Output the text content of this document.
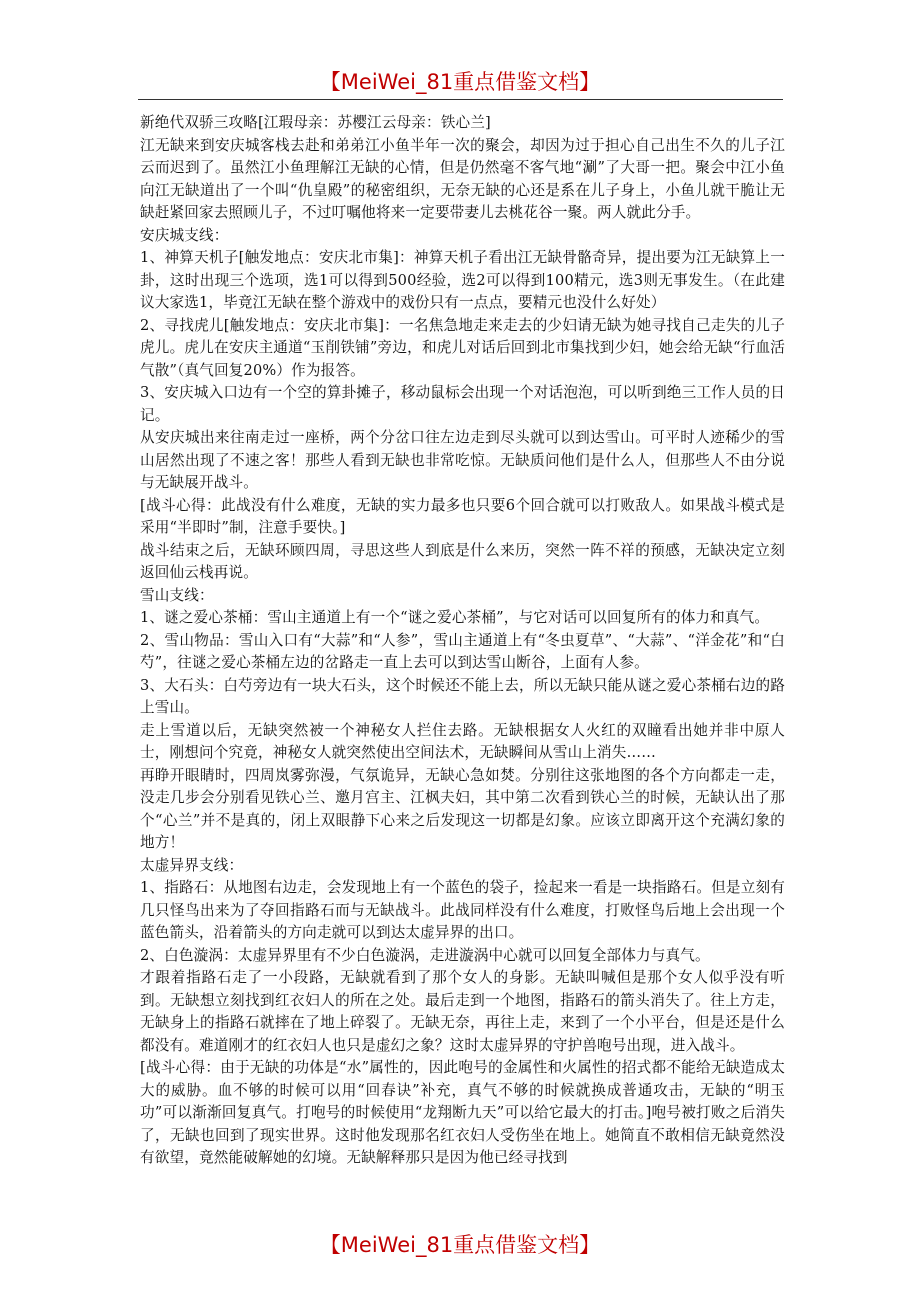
【MeiWei_81重点借鉴文档】

新绝代双骄三攻略[江瑕母亲：苏樱江云母亲：铁心兰]

江无缺来到安庆城客栈去赴和弟弟江小鱼半年一次的聚会，却因为过于担心自己出生不久的儿子江云而迟到了。虽然江小鱼理解江无缺的心情，但是仍然毫不客气地“涮”了大哥一把。聚会中江小鱼向江无缺道出了一个叫“仇皇殿”的秘密组织，无奈无缺的心还是系在儿子身上，小鱼儿就干脆让无缺赶紧回家去照顾儿子，不过叮嘱他将来一定要带妻儿去桃花谷一聚。两人就此分手。

安庆城支线：

1、神算天机子[触发地点：安庆北市集]：神算天机子看出江无缺骨骼奇异，提出要为江无缺算上一卦，这时出现三个选项，选1可以得到500经验，选2可以得到100精元，选3则无事发生。（在此建议大家选1，毕竟江无缺在整个游戏中的戏份只有一点点，要精元也没什么好处）

2、寻找虎儿[触发地点：安庆北市集]：一名焦急地走来走去的少妇请无缺为她寻找自己走失的儿子虎儿。虎儿在安庆主通道“玉削铁铺”旁边，和虎儿对话后回到北市集找到少妇，她会给无缺“行血活气散”（真气回复20%）作为报答。

3、安庆城入口边有一个空的算卦摊子，移动鼠标会出现一个对话泡泡，可以听到绝三工作人员的日记。

从安庆城出来往南走过一座桥，两个分岔口往左边走到尽头就可以到达雪山。可平时人迹稀少的雪山居然出现了不速之客！那些人看到无缺也非常吃惊。无缺质问他们是什么人，但那些人不由分说与无缺展开战斗。

[战斗心得：此战没有什么难度，无缺的实力最多也只要6个回合就可以打败敌人。如果战斗模式是采用“半即时”制，注意手要快。]

战斗结束之后，无缺环顾四周，寻思这些人到底是什么来历，突然一阵不祥的预感，无缺决定立刻返回仙云栈再说。

雪山支线：

1、谜之爱心茶桶：雪山主通道上有一个“谜之爱心茶桶”，与它对话可以回复所有的体力和真气。

2、雪山物品：雪山入口有“大蒜”和“人参”，雪山主通道上有“冬虫夏草”、“大蒜”、“洋金花”和“白芍”，往谜之爱心茶桶左边的岔路走一直上去可以到达雪山断谷，上面有人参。

3、大石头：白芍旁边有一块大石头，这个时候还不能上去，所以无缺只能从谜之爱心茶桶右边的路上雪山。

走上雪道以后，无缺突然被一个神秘女人拦住去路。无缺根据女人火红的双瞳看出她并非中原人士，刚想问个究竟，神秘女人就突然使出空间法术，无缺瞬间从雪山上消失……

再睁开眼睛时，四周岚雾弥漫，气氛诡异，无缺心急如焚。分别往这张地图的各个方向都走一走，没走几步会分别看见铁心兰、邀月宫主、江枫夫妇，其中第二次看到铁心兰的时候，无缺认出了那个“心兰”并不是真的，闭上双眼静下心来之后发现这一切都是幻象。应该立即离开这个充满幻象的地方！

太虚异界支线：

1、指路石：从地图右边走，会发现地上有一个蓝色的袋子，捡起来一看是一块指路石。但是立刻有几只怪鸟出来为了夺回指路石而与无缺战斗。此战同样没有什么难度，打败怪鸟后地上会出现一个蓝色箭头，沿着箭头的方向走就可以到达太虚异界的出口。

2、白色漩涡：太虚异界里有不少白色漩涡，走进漩涡中心就可以回复全部体力与真气。

才跟着指路石走了一小段路，无缺就看到了那个女人的身影。无缺叫喊但是那个女人似乎没有听到。无缺想立刻找到红衣妇人的所在之处。最后走到一个地图，指路石的箭头消失了。往上方走，无缺身上的指路石就摔在了地上碎裂了。无缺无奈，再往上走，来到了一个小平台，但是还是什么都没有。难道刚才的红衣妇人也只是虚幻之象？这时太虚异界的守护兽咆号出现，进入战斗。

[战斗心得：由于无缺的功体是“水”属性的，因此咆号的金属性和火属性的招式都不能给无缺造成太大的威胁。血不够的时候可以用“回春诀”补充，真气不够的时候就换成普通攻击，无缺的“明玉功”可以渐渐回复真气。打咆号的时候使用“龙翔断九天”可以给它最大的打击。]咆号被打败之后消失了，无缺也回到了现实世界。这时他发现那名红衣妇人受伤坐在地上。她简直不敢相信无缺竟然没有欲望，竟然能破解她的幻境。无缺解释那只是因为他已经寻找到

【MeiWei_81重点借鉴文档】
